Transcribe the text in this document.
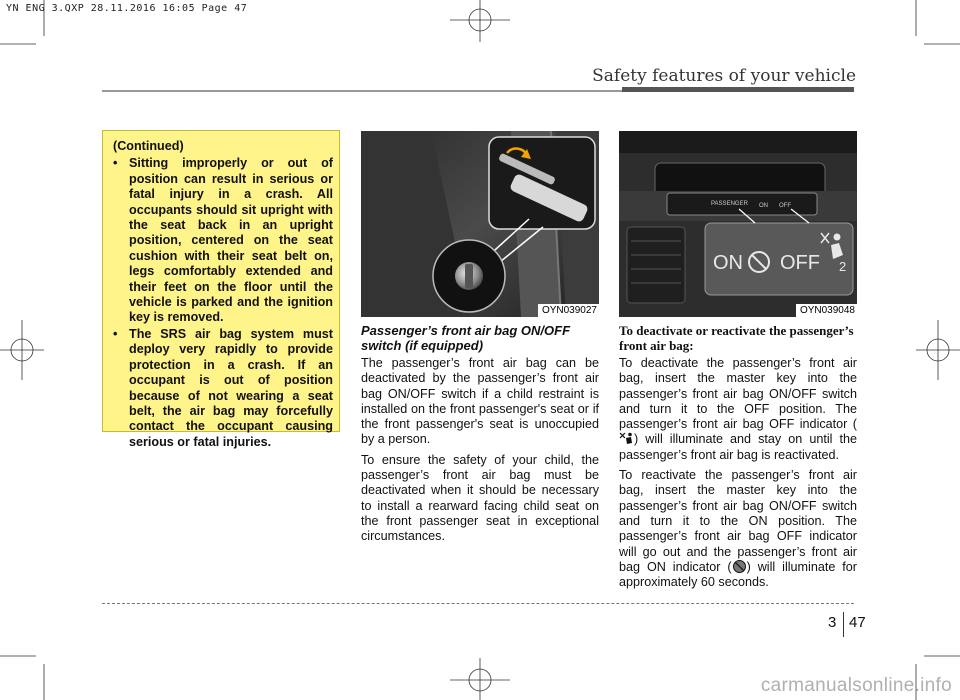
YN ENG 3.QXP 28.11.2016 16:05 Page 47
Safety features of your vehicle

(Continued)

• Sitting improperly or out of position can result in serious or fatal injury in a crash. All occupants should sit upright with the seat back in an upright position, centered on the seat cushion with their seat belt on, legs comfortably extended and their feet on the floor until the vehicle is parked and the ignition key is removed.
• The SRS air bag system must deploy very rapidly to provide protection in a crash. If an occupant is out of position because of not wearing a seat belt, the air bag may forcefully contact the occupant causing serious or fatal injuries.
OYN039027
PASSENGER ON OFF
ON OFF 2
OYN039048

Passenger’s front air bag ON/OFF switch (if equipped)

The passenger’s front air bag can be deactivated by the passenger’s front air bag ON/OFF switch if a child restraint is installed on the front passenger's seat or if the front passenger's seat is unoccupied by a person.

To ensure the safety of your child, the passenger’s front air bag must be deactivated when it should be necessary to install a rearward facing child seat on the front passenger seat in exceptional circumstances.

To deactivate or reactivate the passenger’s front air bag:

To deactivate the passenger’s front air bag, insert the master key into the passenger’s front air bag ON/OFF switch and turn it to the OFF position. The passenger’s front air bag OFF indicator () will illuminate and stay on until the passenger’s front air bag is reactivated.

To reactivate the passenger’s front air bag, insert the master key into the passenger’s front air bag ON/OFF switch and turn it to the ON position. The passenger’s front air bag OFF indicator will go out and the passenger’s front air bag ON indicator ( ) will illuminate for approximately 60 seconds.

3 47
carmanualsonline.info
